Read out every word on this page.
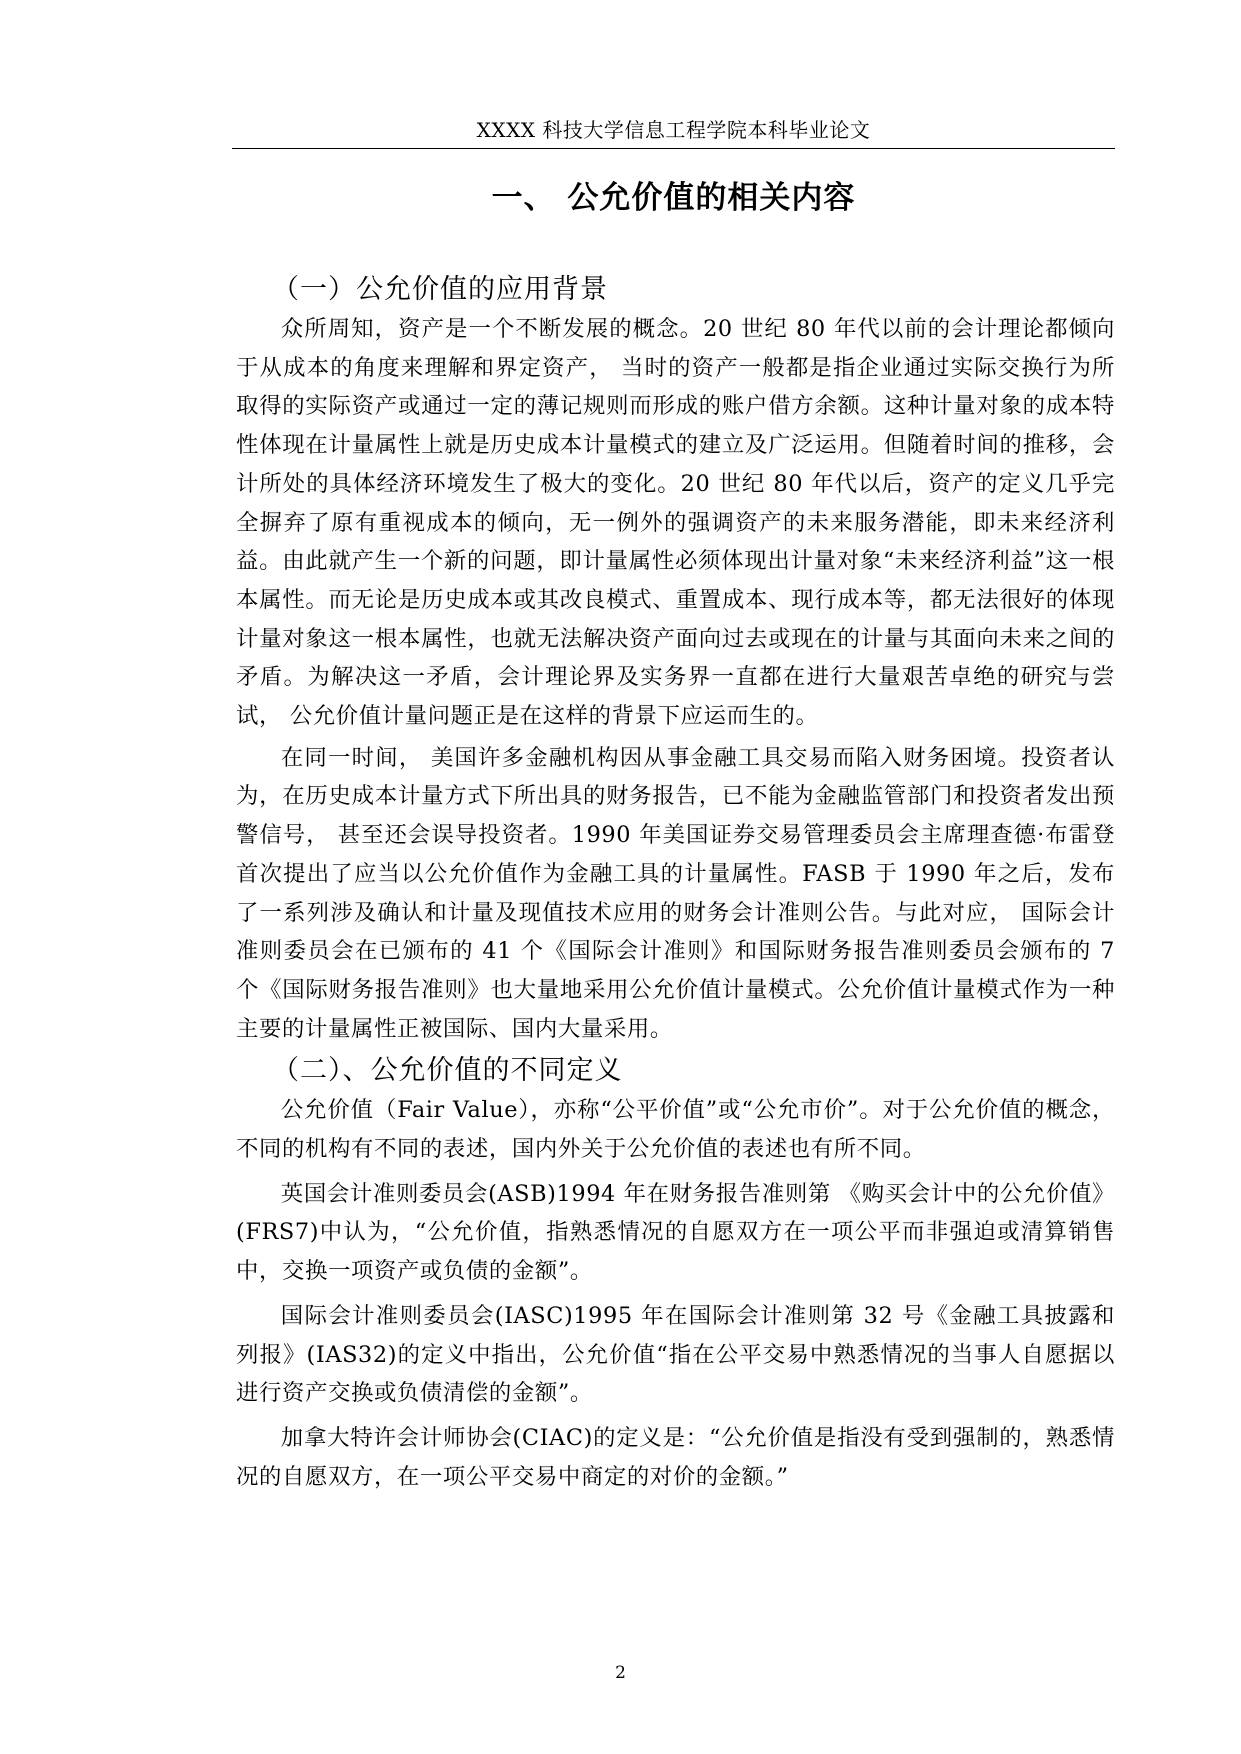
XXXX 科技大学信息工程学院本科毕业论文
一、 公允价值的相关内容
（一）公允价值的应用背景

众所周知，资产是一个不断发展的概念。20 世纪 80 年代以前的会计理论都倾向于从成本的角度来理解和界定资产， 当时的资产一般都是指企业通过实际交换行为所取得的实际资产或通过一定的薄记规则而形成的账户借方余额。这种计量对象的成本特性体现在计量属性上就是历史成本计量模式的建立及广泛运用。但随着时间的推移，会计所处的具体经济环境发生了极大的变化。20 世纪 80 年代以后，资产的定义几乎完全摒弃了原有重视成本的倾向，无一例外的强调资产的未来服务潜能，即未来经济利益。由此就产生一个新的问题，即计量属性必须体现出计量对象“未来经济利益”这一根本属性。而无论是历史成本或其改良模式、重置成本、现行成本等，都无法很好的体现计量对象这一根本属性，也就无法解决资产面向过去或现在的计量与其面向未来之间的矛盾。为解决这一矛盾，会计理论界及实务界一直都在进行大量艰苦卓绝的研究与尝试， 公允价值计量问题正是在这样的背景下应运而生的。

在同一时间， 美国许多金融机构因从事金融工具交易而陷入财务困境。投资者认为，在历史成本计量方式下所出具的财务报告，已不能为金融监管部门和投资者发出预警信号， 甚至还会误导投资者。1990 年美国证券交易管理委员会主席理查德·布雷登首次提出了应当以公允价值作为金融工具的计量属性。FASB 于 1990 年之后，发布了一系列涉及确认和计量及现值技术应用的财务会计准则公告。与此对应， 国际会计准则委员会在已颁布的 41 个《国际会计准则》和国际财务报告准则委员会颁布的 7 个《国际财务报告准则》也大量地采用公允价值计量模式。公允价值计量模式作为一种主要的计量属性正被国际、国内大量采用。

（二）、公允价值的不同定义

公允价值（Fair Value），亦称“公平价值”或“公允市价”。对于公允价值的概念， 不同的机构有不同的表述，国内外关于公允价值的表述也有所不同。

英国会计准则委员会(ASB)1994 年在财务报告准则第 《购买会计中的公允价值》(FRS7)中认为，“公允价值，指熟悉情况的自愿双方在一项公平而非强迫或清算销售中，交换一项资产或负债的金额”。

国际会计准则委员会(IASC)1995 年在国际会计准则第 32 号《金融工具披露和列报》(IAS32)的定义中指出，公允价值“指在公平交易中熟悉情况的当事人自愿据以进行资产交换或负债清偿的金额”。

加拿大特许会计师协会(CIAC)的定义是：“公允价值是指没有受到强制的，熟悉情况的自愿双方，在一项公平交易中商定的对价的金额。”

2
